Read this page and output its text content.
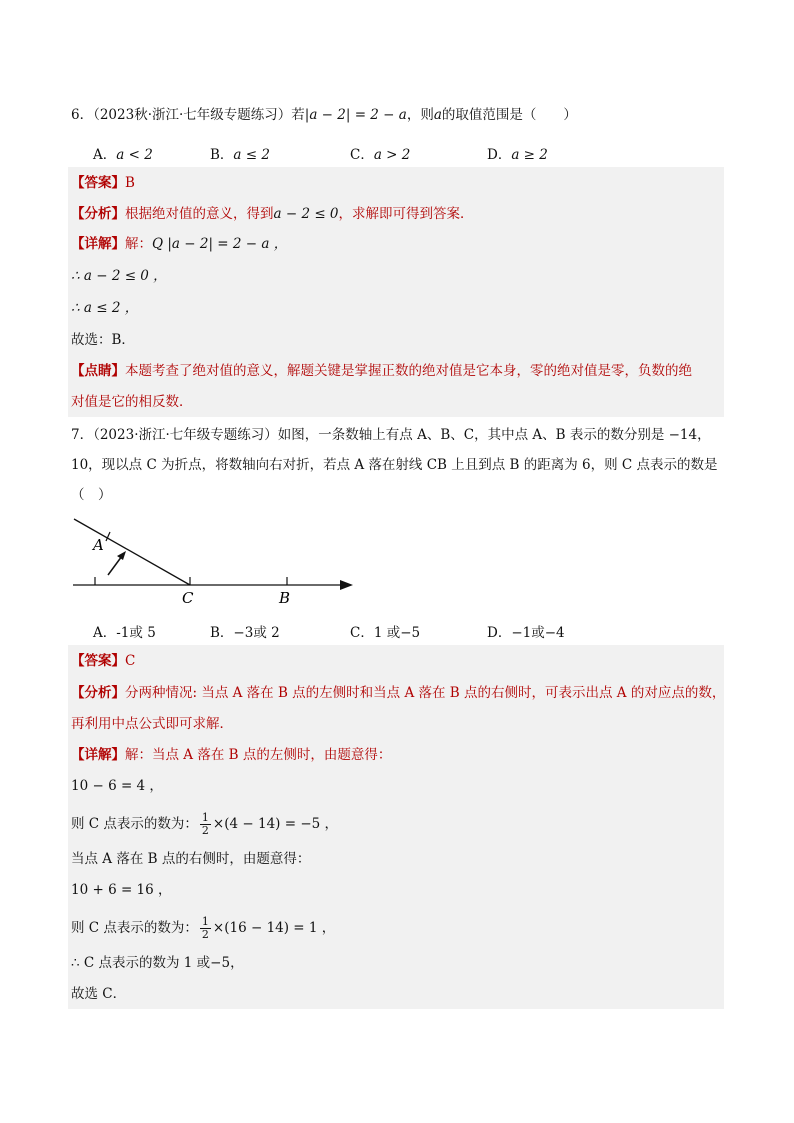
6．（2023秋·浙江·七年级专题练习）若|a − 2| = 2 − a，则a的取值范围是（　　）
A．a < 2	B．a ≤ 2	C．a > 2	D．a ≥ 2
【答案】B
【分析】根据绝对值的意义，得到a − 2 ≤ 0，求解即可得到答案．
【详解】解：Q |a − 2| = 2 − a ，
∴ a − 2 ≤ 0 ，
∴ a ≤ 2 ，
故选：B．
【点睛】本题考查了绝对值的意义，解题关键是掌握正数的绝对值是它本身，零的绝对值是零，负数的绝
对值是它的相反数．
7．（2023·浙江·七年级专题练习）如图，一条数轴上有点 A、B、C，其中点 A、B 表示的数分别是 −14，
10，现以点 C 为折点，将数轴向右对折，若点 A 落在射线 CB 上且到点 B 的距离为 6，则 C 点表示的数是
（　）
A
C	B
A．-1或 5	B．−3或 2	C．1 或−5	D．−1或−4
【答案】C
【分析】分两种情况: 当点 A 落在 B 点的左侧时和当点 A 落在 B 点的右侧时，可表示出点 A 的对应点的数，
再利用中点公式即可求解．
【详解】解：当点 A 落在 B 点的左侧时，由题意得：
10 − 6 = 4 ，
则 C 点表示的数为： $\frac{1}{2} \times(4 - 14) = -5$ ，
当点 A 落在 B 点的右侧时，由题意得：
10 + 6 = 16 ，
则 C 点表示的数为： $\frac{1}{2} \times(16 - 14) = 1$ ，
∴ C 点表示的数为 1 或−5，
故选 C．
